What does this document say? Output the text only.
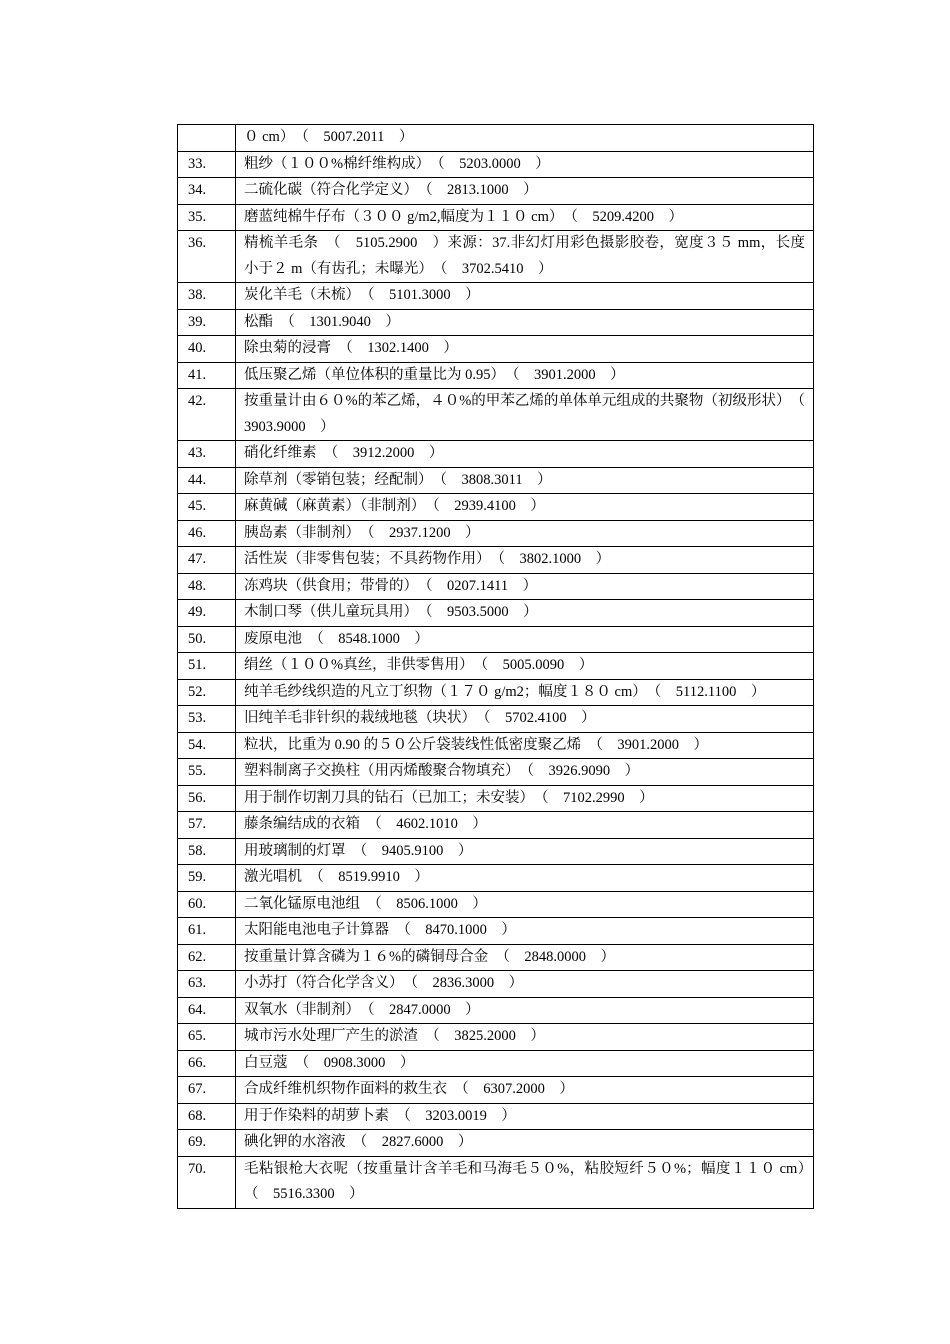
	０ cm）　（　5007.2011　）
33.	粗纱（１００%棉纤维构成）　（　5203.0000　）
34.	二硫化碳（符合化学定义）　（　2813.1000　）
35.	磨蓝纯棉牛仔布（３００ g/m2,幅度为１１０ cm）　（　5209.4200　）
36.	精梳羊毛条　（　5105.2900　）来源：37.非幻灯用彩色摄影胶卷，宽度３５ mm，长度小于２ m（有齿孔；未曝光）　（　3702.5410　）
38.	炭化羊毛（未梳）　（　5101.3000　）
39.	松酯　（　1301.9040　）
40.	除虫菊的浸膏　（　1302.1400　）
41.	低压聚乙烯（单位体积的重量比为 0.95）　（　3901.2000　）
42.	按重量计由６０%的苯乙烯，４０%的甲苯乙烯的单体单元组成的共聚物（初级形状）　（　3903.9000　）
43.	硝化纤维素　（　3912.2000　）
44.	除草剂（零销包装；经配制）　（　3808.3011　）
45.	麻黄碱（麻黄素）（非制剂）　（　2939.4100　）
46.	胰岛素（非制剂）　（　2937.1200　）
47.	活性炭（非零售包装；不具药物作用）　（　3802.1000　）
48.	冻鸡块（供食用；带骨的）　（　0207.1411　）
49.	木制口琴（供儿童玩具用）　（　9503.5000　）
50.	废原电池　（　8548.1000　）
51.	绢丝（１００%真丝，非供零售用）　（　5005.0090　）
52.	纯羊毛纱线织造的凡立丁织物（１７０ g/m2；幅度１８０ cm）　（　5112.1100　）
53.	旧纯羊毛非针织的栽绒地毯（块状）　（　5702.4100　）
54.	粒状，比重为 0.90 的５０公斤袋装线性低密度聚乙烯　（　3901.2000　）
55.	塑料制离子交换柱（用丙烯酸聚合物填充）　（　3926.9090　）
56.	用于制作切割刀具的钻石（已加工；未安装）　（　7102.2990　）
57.	藤条编结成的衣箱　（　4602.1010　）
58.	用玻璃制的灯罩　（　9405.9100　）
59.	激光唱机　（　8519.9910　）
60.	二氧化锰原电池组　（　8506.1000　）
61.	太阳能电池电子计算器　（　8470.1000　）
62.	按重量计算含磷为１６%的磷铜母合金　（　2848.0000　）
63.	小苏打（符合化学含义）　（　2836.3000　）
64.	双氧水（非制剂）　（　2847.0000　）
65.	城市污水处理厂产生的淤渣　（　3825.2000　）
66.	白豆蔻　（　0908.3000　）
67.	合成纤维机织物作面料的救生衣　（　6307.2000　）
68.	用于作染料的胡萝卜素　（　3203.0019　）
69.	碘化钾的水溶液　（　2827.6000　）
70.	毛粘银枪大衣呢（按重量计含羊毛和马海毛５０%，粘胶短纤５０%；幅度１１０ cm）　（　5516.3300　）
